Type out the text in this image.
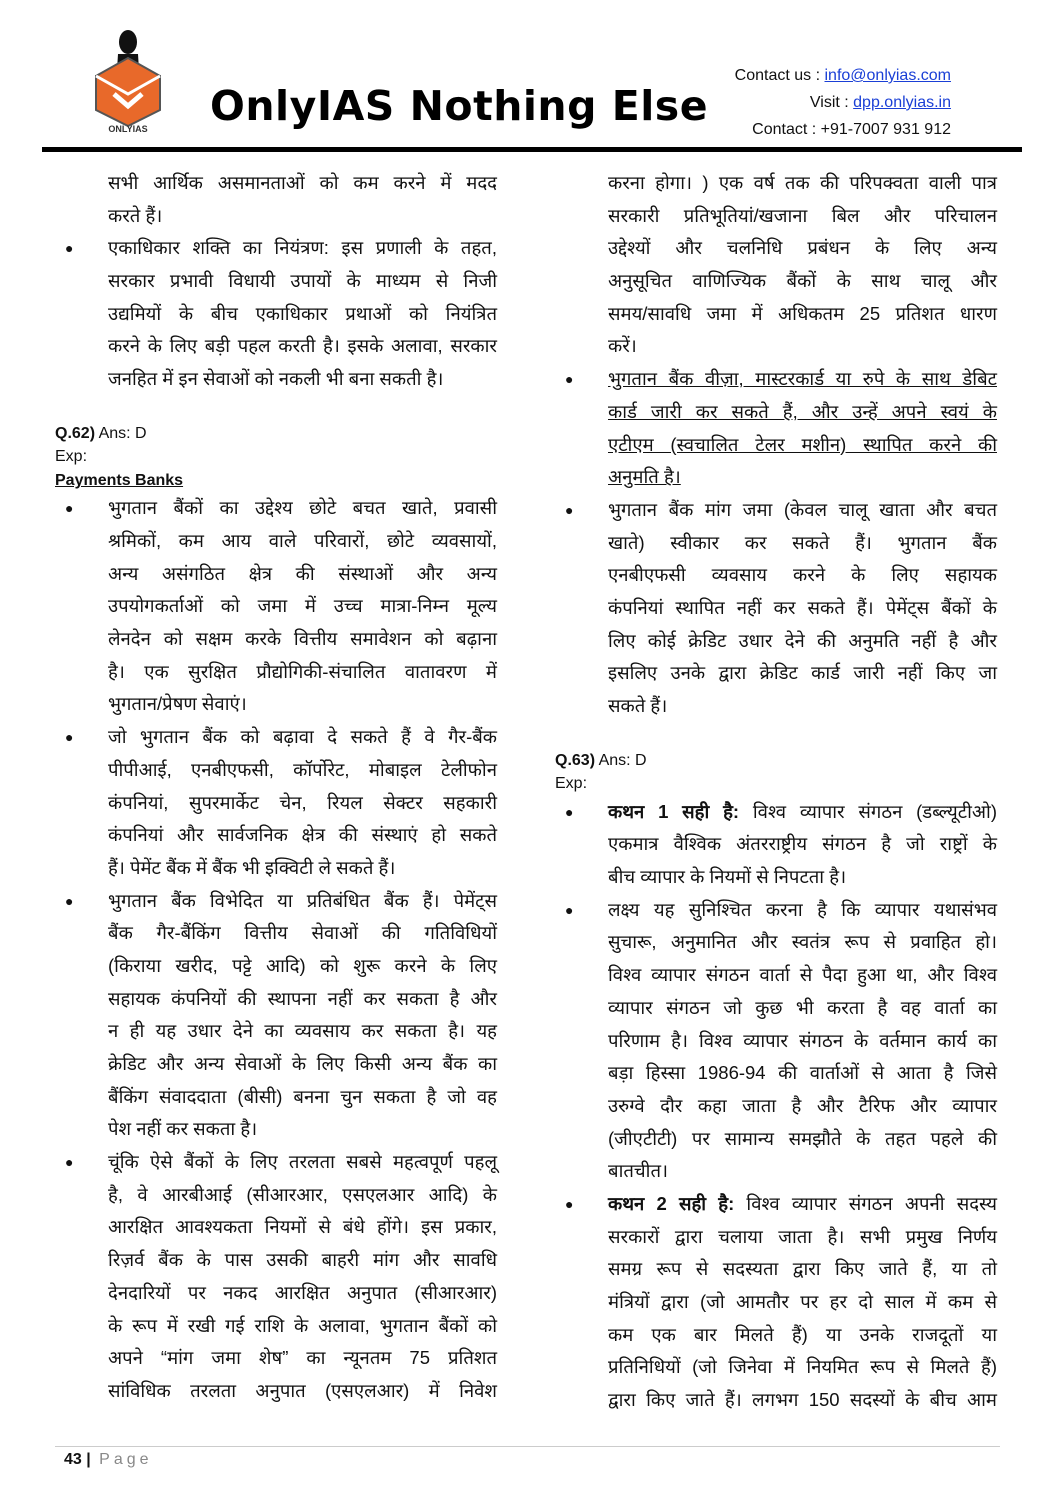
ONLYIAS OnlyIAS Nothing Else
Contact us : info@onlyias.com
Visit : dpp.onlyias.in
Contact : +91-7007 931 912
सभी आर्थिक असमानताओं को कम करने में मदद
करते हैं।
● एकाधिकार शक्ति का नियंत्रण: इस प्रणाली के तहत,
सरकार प्रभावी विधायी उपायों के माध्यम से निजी
उद्यमियों के बीच एकाधिकार प्रथाओं को नियंत्रित
करने के लिए बड़ी पहल करती है। इसके अलावा, सरकार
जनहित में इन सेवाओं को नकली भी बना सकती है।
Q.62) Ans: D
Exp:
Payments Banks
● भुगतान बैंकों का उद्देश्य छोटे बचत खाते, प्रवासी
श्रमिकों, कम आय वाले परिवारों, छोटे व्यवसायों,
अन्य असंगठित क्षेत्र की संस्थाओं और अन्य
उपयोगकर्ताओं को जमा में उच्च मात्रा-निम्न मूल्य
लेनदेन को सक्षम करके वित्तीय समावेशन को बढ़ाना
है। एक सुरक्षित प्रौद्योगिकी-संचालित वातावरण में
भुगतान/प्रेषण सेवाएं।
● जो भुगतान बैंक को बढ़ावा दे सकते हैं वे गैर-बैंक
पीपीआई, एनबीएफसी, कॉर्पोरेट, मोबाइल टेलीफोन
कंपनियां, सुपरमार्केट चेन, रियल सेक्टर सहकारी
कंपनियां और सार्वजनिक क्षेत्र की संस्थाएं हो सकते
हैं। पेमेंट बैंक में बैंक भी इक्विटी ले सकते हैं।
● भुगतान बैंक विभेदित या प्रतिबंधित बैंक हैं। पेमेंट्स
बैंक गैर-बैंकिंग वित्तीय सेवाओं की गतिविधियों
(किराया खरीद, पट्टे आदि) को शुरू करने के लिए
सहायक कंपनियों की स्थापना नहीं कर सकता है और
न ही यह उधार देने का व्यवसाय कर सकता है। यह
क्रेडिट और अन्य सेवाओं के लिए किसी अन्य बैंक का
बैंकिंग संवाददाता (बीसी) बनना चुन सकता है जो वह
पेश नहीं कर सकता है।
● चूंकि ऐसे बैंकों के लिए तरलता सबसे महत्वपूर्ण पहलू
है, वे आरबीआई (सीआरआर, एसएलआर आदि) के
आरक्षित आवश्यकता नियमों से बंधे होंगे। इस प्रकार,
रिज़र्व बैंक के पास उसकी बाहरी मांग और सावधि
देनदारियों पर नकद आरक्षित अनुपात (सीआरआर)
के रूप में रखी गई राशि के अलावा, भुगतान बैंकों को
अपने “मांग जमा शेष” का न्यूनतम 75 प्रतिशत
सांविधिक तरलता अनुपात (एसएलआर) में निवेश
करना होगा। ) एक वर्ष तक की परिपक्वता वाली पात्र
सरकारी प्रतिभूतियां/खजाना बिल और परिचालन
उद्देश्यों और चलनिधि प्रबंधन के लिए अन्य
अनुसूचित वाणिज्यिक बैंकों के साथ चालू और
समय/सावधि जमा में अधिकतम 25 प्रतिशत धारण
करें।
● भुगतान बैंक वीज़ा, मास्टरकार्ड या रुपे के साथ डेबिट
कार्ड जारी कर सकते हैं, और उन्हें अपने स्वयं के
एटीएम (स्वचालित टेलर मशीन) स्थापित करने की
अनुमति है।
● भुगतान बैंक मांग जमा (केवल चालू खाता और बचत
खाते) स्वीकार कर सकते हैं। भुगतान बैंक
एनबीएफसी व्यवसाय करने के लिए सहायक
कंपनियां स्थापित नहीं कर सकते हैं। पेमेंट्स बैंकों के
लिए कोई क्रेडिट उधार देने की अनुमति नहीं है और
इसलिए उनके द्वारा क्रेडिट कार्ड जारी नहीं किए जा
सकते हैं।
Q.63) Ans: D
Exp:
● कथन 1 सही है: विश्व व्यापार संगठन (डब्ल्यूटीओ)
एकमात्र वैश्विक अंतरराष्ट्रीय संगठन है जो राष्ट्रों के
बीच व्यापार के नियमों से निपटता है।
● लक्ष्य यह सुनिश्चित करना है कि व्यापार यथासंभव
सुचारू, अनुमानित और स्वतंत्र रूप से प्रवाहित हो।
विश्व व्यापार संगठन वार्ता से पैदा हुआ था, और विश्व
व्यापार संगठन जो कुछ भी करता है वह वार्ता का
परिणाम है। विश्व व्यापार संगठन के वर्तमान कार्य का
बड़ा हिस्सा 1986-94 की वार्ताओं से आता है जिसे
उरुग्वे दौर कहा जाता है और टैरिफ और व्यापार
(जीएटीटी) पर सामान्य समझौते के तहत पहले की
बातचीत।
● कथन 2 सही है: विश्व व्यापार संगठन अपनी सदस्य
सरकारों द्वारा चलाया जाता है। सभी प्रमुख निर्णय
समग्र रूप से सदस्यता द्वारा किए जाते हैं, या तो
मंत्रियों द्वारा (जो आमतौर पर हर दो साल में कम से
कम एक बार मिलते हैं) या उनके राजदूतों या
प्रतिनिधियों (जो जिनेवा में नियमित रूप से मिलते हैं)
द्वारा किए जाते हैं। लगभग 150 सदस्यों के बीच आम
43 | Page
